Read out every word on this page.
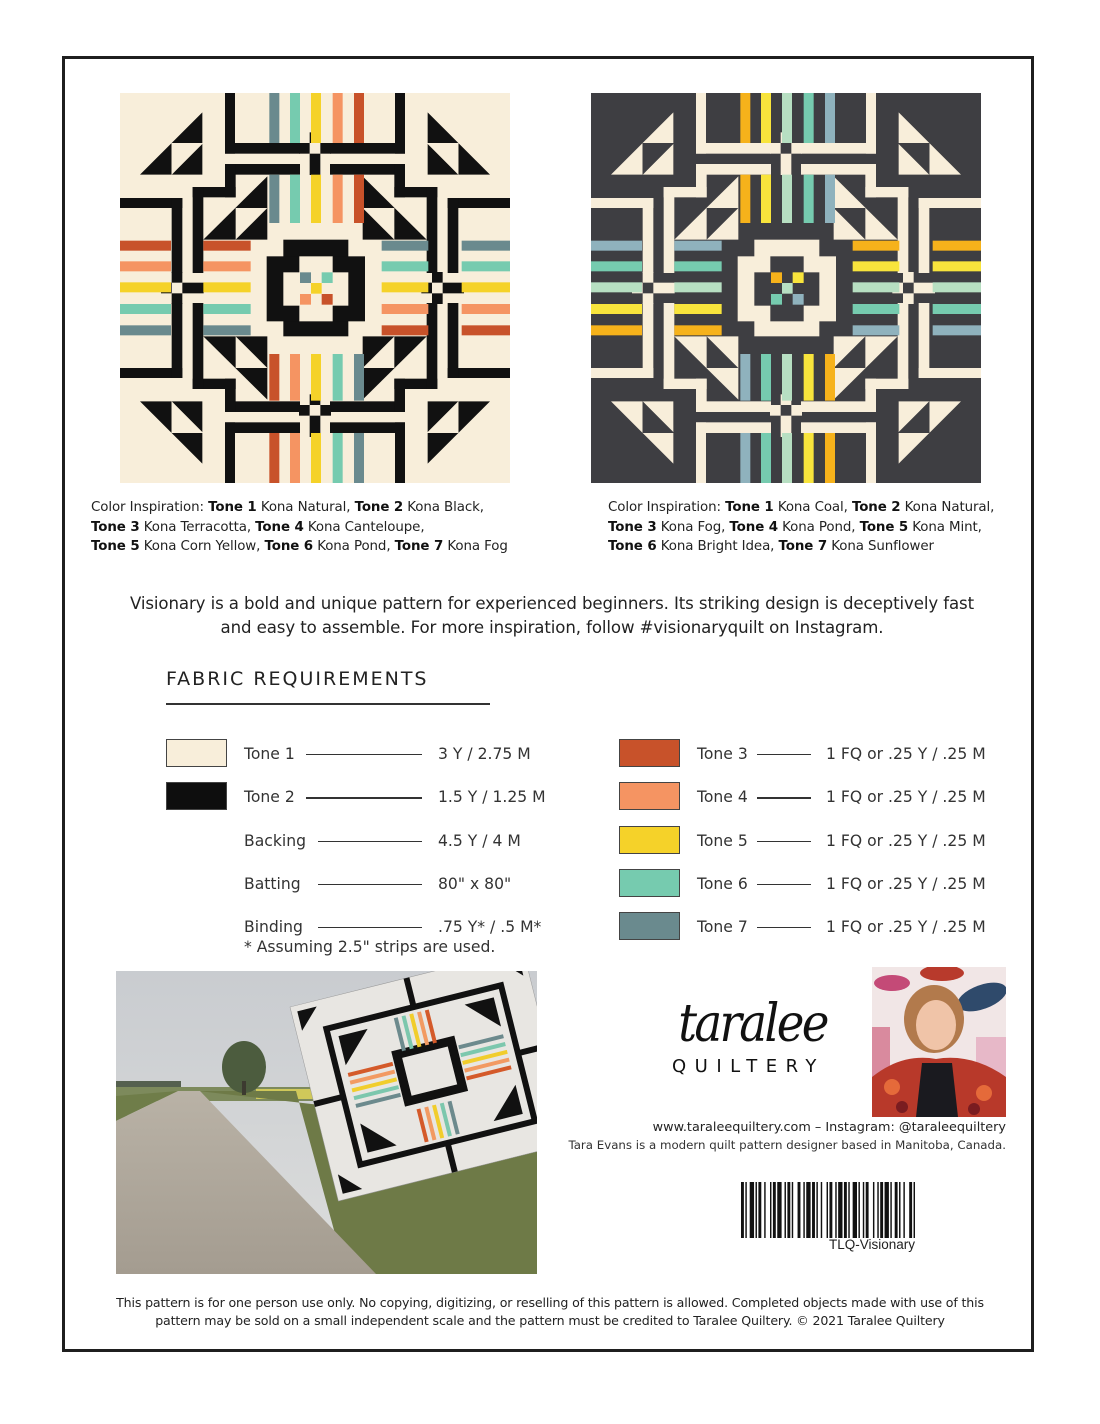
Color Inspiration: Tone 1 Kona Natural, Tone 2 Kona Black,
Tone 3 Kona Terracotta, Tone 4 Kona Canteloupe,
Tone 5 Kona Corn Yellow, Tone 6 Kona Pond, Tone 7 Kona Fog
Color Inspiration: Tone 1 Kona Coal, Tone 2 Kona Natural,
Tone 3 Kona Fog, Tone 4 Kona Pond, Tone 5 Kona Mint,
Tone 6 Kona Bright Idea, Tone 7 Kona Sunflower
Visionary is a bold and unique pattern for experienced beginners. Its striking design is deceptively fast
and easy to assemble. For more inspiration, follow #visionaryquilt on Instagram.
FABRIC REQUIREMENTS
Tone 1	3 Y / 2.75 M
Tone 2	1.5 Y / 1.25 M
Backing	4.5 Y / 4 M
Batting	80" x 80"
Binding	.75 Y* / .5 M*
Tone 3	1 FQ or .25 Y / .25 M
Tone 4	1 FQ or .25 Y / .25 M
Tone 5	1 FQ or .25 Y / .25 M
Tone 6	1 FQ or .25 Y / .25 M
Tone 7	1 FQ or .25 Y / .25 M
* Assuming 2.5" strips are used.
taralee
QUILTERY
www.taraleequiltery.com – Instagram: @taraleequiltery
Tara Evans is a modern quilt pattern designer based in Manitoba, Canada.
TLQ-Visionary
This pattern is for one person use only. No copying, digitizing, or reselling of this pattern is allowed. Completed objects made with use of this
pattern may be sold on a small independent scale and the pattern must be credited to Taralee Quiltery. © 2021 Taralee Quiltery
